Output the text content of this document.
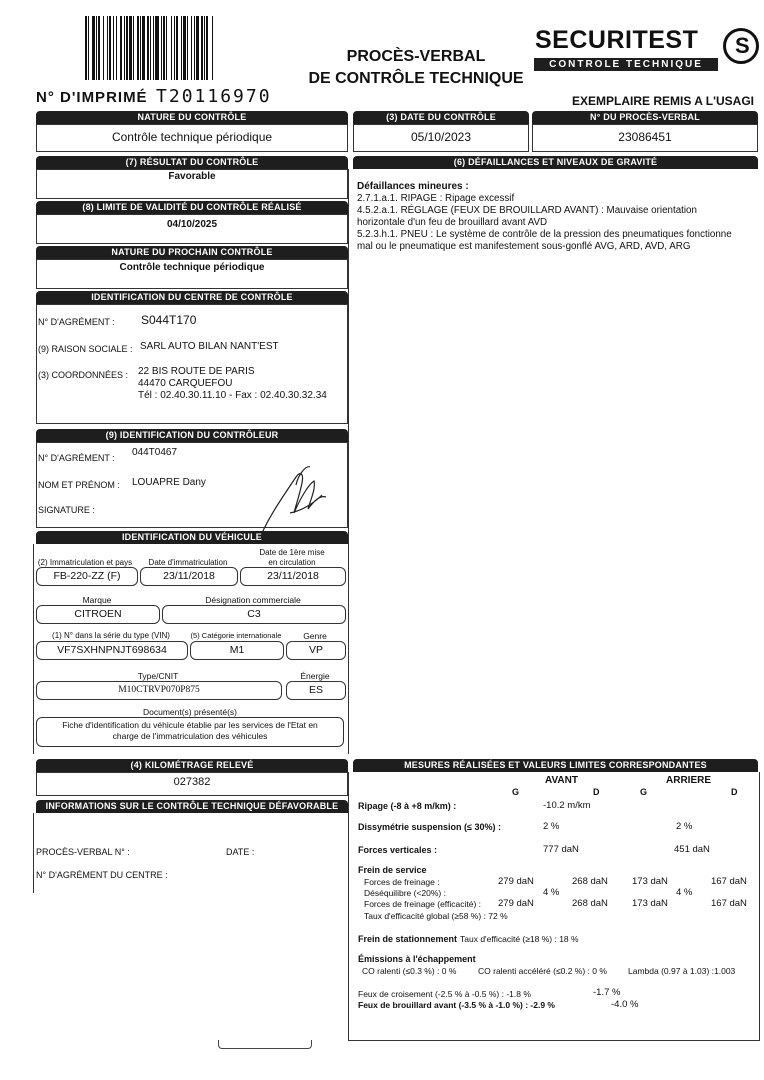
N° D'IMPRIMÉ T20116970
PROCÈS-VERBAL
DE CONTRÔLE TECHNIQUE
SECURITEST
CONTROLE TECHNIQUE
S
EXEMPLAIRE REMIS A L'USAGI
NATURE DU CONTRÔLE
Contrôle technique périodique
(3) DATE DU CONTRÔLE
05/10/2023
N° DU PROCÈS-VERBAL
23086451
(7) RÉSULTAT DU CONTRÔLE
Favorable
(6) DÉFAILLANCES ET NIVEAUX DE GRAVITÉ
Défaillances mineures :
2.7.1.a.1. RIPAGE : Ripage excessif
4.5.2.a.1. RÉGLAGE (FEUX DE BROUILLARD AVANT) : Mauvaise orientation
horizontale d'un feu de brouillard avant AVD
5.2.3.h.1. PNEU : Le système de contrôle de la pression des pneumatiques fonctionne
mal ou le pneumatique est manifestement sous-gonflé AVG, ARD, AVD, ARG
(8) LIMITE DE VALIDITÉ DU CONTRÔLE RÉALISÉ
04/10/2025
NATURE DU PROCHAIN CONTRÔLE
Contrôle technique périodique
IDENTIFICATION DU CENTRE DE CONTRÔLE
N° D'AGRÉMENT : S044T170
(9) RAISON SOCIALE : SARL AUTO BILAN NANT'EST
(3) COORDONNÉES : 22 BIS ROUTE DE PARIS
44470 CARQUEFOU
Tél : 02.40.30.11.10 - Fax : 02.40.30.32.34
(9) IDENTIFICATION DU CONTRÔLEUR
N° D'AGRÉMENT : 044T0467
NOM ET PRÉNOM : LOUAPRE Dany
SIGNATURE :
IDENTIFICATION DU VÉHICULE
(2) Immatriculation et pays	Date d'immatriculation
Date de 1ère mise
en circulation
FB-220-ZZ (F)	23/11/2018	23/11/2018
Marque	Désignation commerciale
CITROEN	C3
(1) N° dans la série du type (VIN)	(5) Catégorie internationale	Genre
VF7SXHNPNJT698634	M1	VP
Type/CNIT	Énergie
M10CTRVP070P875	ES
Document(s) présenté(s)
Fiche d'identification du véhicule établie par les services de l'Etat en
charge de l'immatriculation des véhicules
(4) KILOMÉTRAGE RELEVÉ
027382
INFORMATIONS SUR LE CONTRÔLE TECHNIQUE DÉFAVORABLE
PROCÈS-VERBAL N° :	DATE :
N° D'AGRÉMENT DU CENTRE :
MESURES RÉALISÉES ET VALEURS LIMITES CORRESPONDANTES
AVANT	ARRIERE
G	D	G	D
Ripage (-8 à +8 m/km) :	-10.2 m/km
Dissymétrie suspension (≤ 30%) :	2 %	2 %
Forces verticales :	777 daN	451 daN
Frein de service
Forces de freinage :	279 daN	268 daN	173 daN	167 daN
Déséquilibre (<20%) :	4 %	4 %
Forces de freinage (efficacité) : 279 daN	268 daN	173 daN	167 daN
Taux d'efficacité global (≥58 %) : 72 %
Frein de stationnement Taux d'efficacité (≥18 %) : 18 %
Émissions à l'échappement
CO ralenti (≤0.3 %) : 0 %	CO ralenti accéléré (≤0.2 %) : 0 % Lambda (0.97 à 1.03) :1.003
Feux de croisement (-2.5 % à -0.5 %) : -1.8 %	-1.7 %
Feux de brouillard avant (-3.5 % à -1.0 %) : -2.9 %	-4.0 %
